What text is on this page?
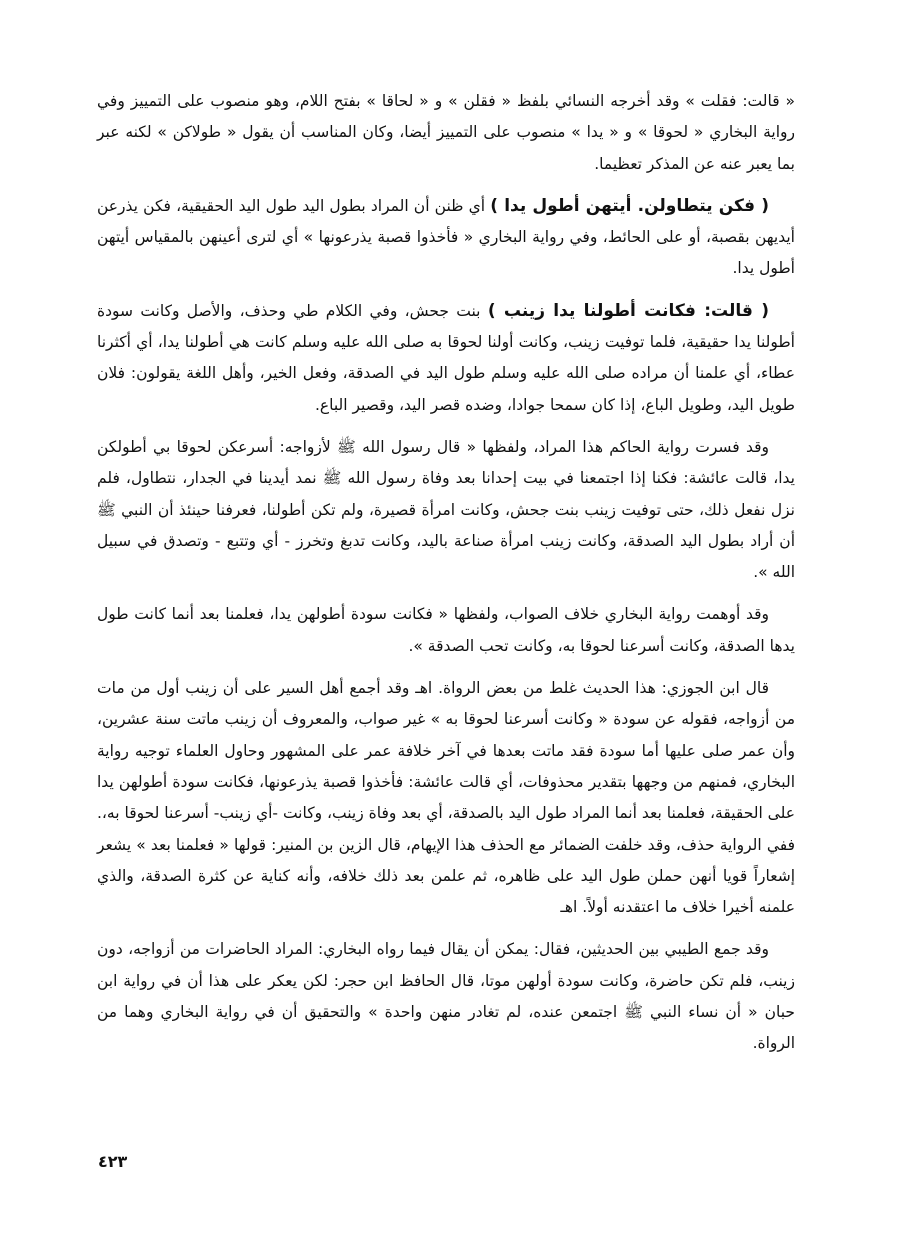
« قالت: فقلت » وقد أخرجه النسائي بلفظ « فقلن » و « لحاقا » بفتح اللام، وهو منصوب على التمييز وفي رواية البخاري « لحوقا » و « يدا » منصوب على التمييز أيضا، وكان المناسب أن يقول « طولاكن » لكنه عبر بما يعبر عنه عن المذكر تعظيما.

( فكن يتطاولن. أيتهن أطول يدا ) أي ظنن أن المراد بطول اليد طول اليد الحقيقية، فكن يذرعن أيديهن بقصبة، أو على الحائط، وفي رواية البخاري « فأخذوا قصبة يذرعونها » أي لترى أعينهن بالمقياس أيتهن أطول يدا.

( قالت: فكانت أطولنا يدا زينب ) بنت جحش، وفي الكلام طي وحذف، والأصل وكانت سودة أطولنا يدا حقيقية، فلما توفيت زينب، وكانت أولنا لحوقا به صلى الله عليه وسلم كانت هي أطولنا يدا، أي أكثرنا عطاء، أي علمنا أن مراده صلى الله عليه وسلم طول اليد في الصدقة، وفعل الخير، وأهل اللغة يقولون: فلان طويل اليد، وطويل الباع، إذا كان سمحا جوادا، وضده قصر اليد، وقصير الباع.

وقد فسرت رواية الحاكم هذا المراد، ولفظها « قال رسول الله ﷺ لأزواجه: أسرعكن لحوقا بي أطولكن يدا، قالت عائشة: فكنا إذا اجتمعنا في بيت إحدانا بعد وفاة رسول الله ﷺ نمد أيدينا في الجدار، نتطاول، فلم نزل نفعل ذلك، حتى توفيت زينب بنت جحش، وكانت امرأة قصيرة، ولم تكن أطولنا، فعرفنا حينئذ أن النبي ﷺ أن أراد بطول اليد الصدقة، وكانت زينب امرأة صناعة باليد، وكانت تدبغ وتخرز - أي وتتبع - وتصدق في سبيل الله ».

وقد أوهمت رواية البخاري خلاف الصواب، ولفظها « فكانت سودة أطولهن يدا، فعلمنا بعد أنما كانت طول يدها الصدقة، وكانت أسرعنا لحوقا به، وكانت تحب الصدقة ».

قال ابن الجوزي: هذا الحديث غلط من بعض الرواة. اهـ وقد أجمع أهل السير على أن زينب أول من مات من أزواجه، فقوله عن سودة « وكانت أسرعنا لحوقا به » غير صواب، والمعروف أن زينب ماتت سنة عشرين، وأن عمر صلى عليها أما سودة فقد ماتت بعدها في آخر خلافة عمر على المشهور وحاول العلماء توجيه رواية البخاري، فمنهم من وجهها بتقدير محذوفات، أي قالت عائشة: فأخذوا قصبة يذرعونها، فكانت سودة أطولهن يدا على الحقيقة، فعلمنا بعد أنما المراد طول اليد بالصدقة، أي بعد وفاة زينب، وكانت -أي زينب- أسرعنا لحوقا به،. ففي الرواية حذف، وقد خلفت الضمائر مع الحذف هذا الإيهام، قال الزين بن المنير: قولها « فعلمنا بعد » يشعر إشعاراً قويا أنهن حملن طول اليد على ظاهره، ثم علمن بعد ذلك خلافه، وأنه كناية عن كثرة الصدقة، والذي علمنه أخيرا خلاف ما اعتقدنه أولاً. اهـ

وقد جمع الطيبي بين الحديثين، فقال: يمكن أن يقال فيما رواه البخاري: المراد الحاضرات من أزواجه، دون زينب، فلم تكن حاضرة، وكانت سودة أولهن موتا، قال الحافظ ابن حجر: لكن يعكر على هذا أن في رواية ابن حبان « أن نساء النبي ﷺ اجتمعن عنده، لم تغادر منهن واحدة » والتحقيق أن في رواية البخاري وهما من الرواة.

٤٢٣
